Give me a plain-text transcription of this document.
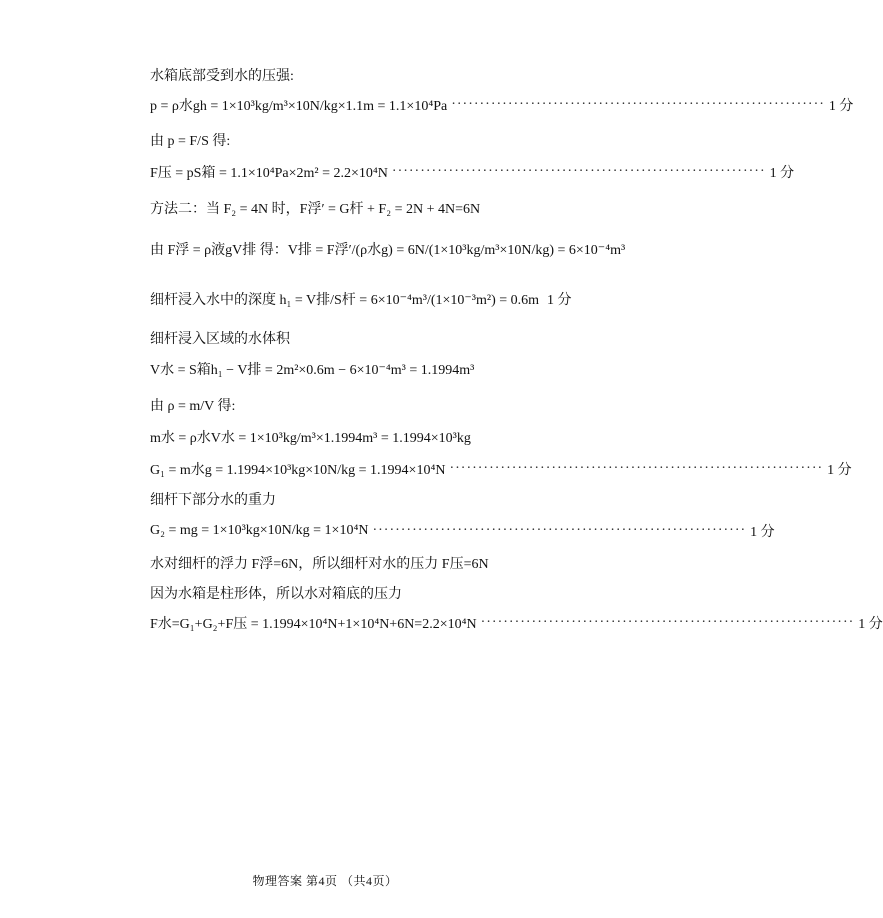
水箱底部受到水的压强:
p = ρ水gh = 1×10³kg/m³×10N/kg×1.1m = 1.1×10⁴Pa ·································································· 1 分
由 p = F/S 得:
F压 = pS箱 = 1.1×10⁴Pa×2m² = 2.2×10⁴N ·································································· 1 分
方法二：当 F₂ = 4N 时，F浮′ = G杆 + F₂ = 2N + 4N=6N
由 F浮 = ρ液gV排 得：V排 = F浮′/(ρ水g) = 6N/(1×10³kg/m³×10N/kg) = 6×10⁻⁴m³
细杆浸入水中的深度 h₁ = V排/S杆 = 6×10⁻⁴m³/(1×10⁻³m²) = 0.6m 1 分
细杆浸入区域的水体积
V水 = S箱h₁ − V排 = 2m²×0.6m − 6×10⁻⁴m³ = 1.1994m³
由 ρ = m/V 得:
m水 = ρ水V水 = 1×10³kg/m³×1.1994m³ = 1.1994×10³kg
G₁ = m水g = 1.1994×10³kg×10N/kg = 1.1994×10⁴N ·································································· 1 分
细杆下部分水的重力
G₂ = mg = 1×10³kg×10N/kg = 1×10⁴N ·································································· 1 分
水对细杆的浮力 F浮=6N，所以细杆对水的压力 F压=6N
因为水箱是柱形体，所以水对箱底的压力
F水=G₁+G₂+F压 = 1.1994×10⁴N+1×10⁴N+6N=2.2×10⁴N ·································································· 1 分
物理答案 第4页 （共4页）
